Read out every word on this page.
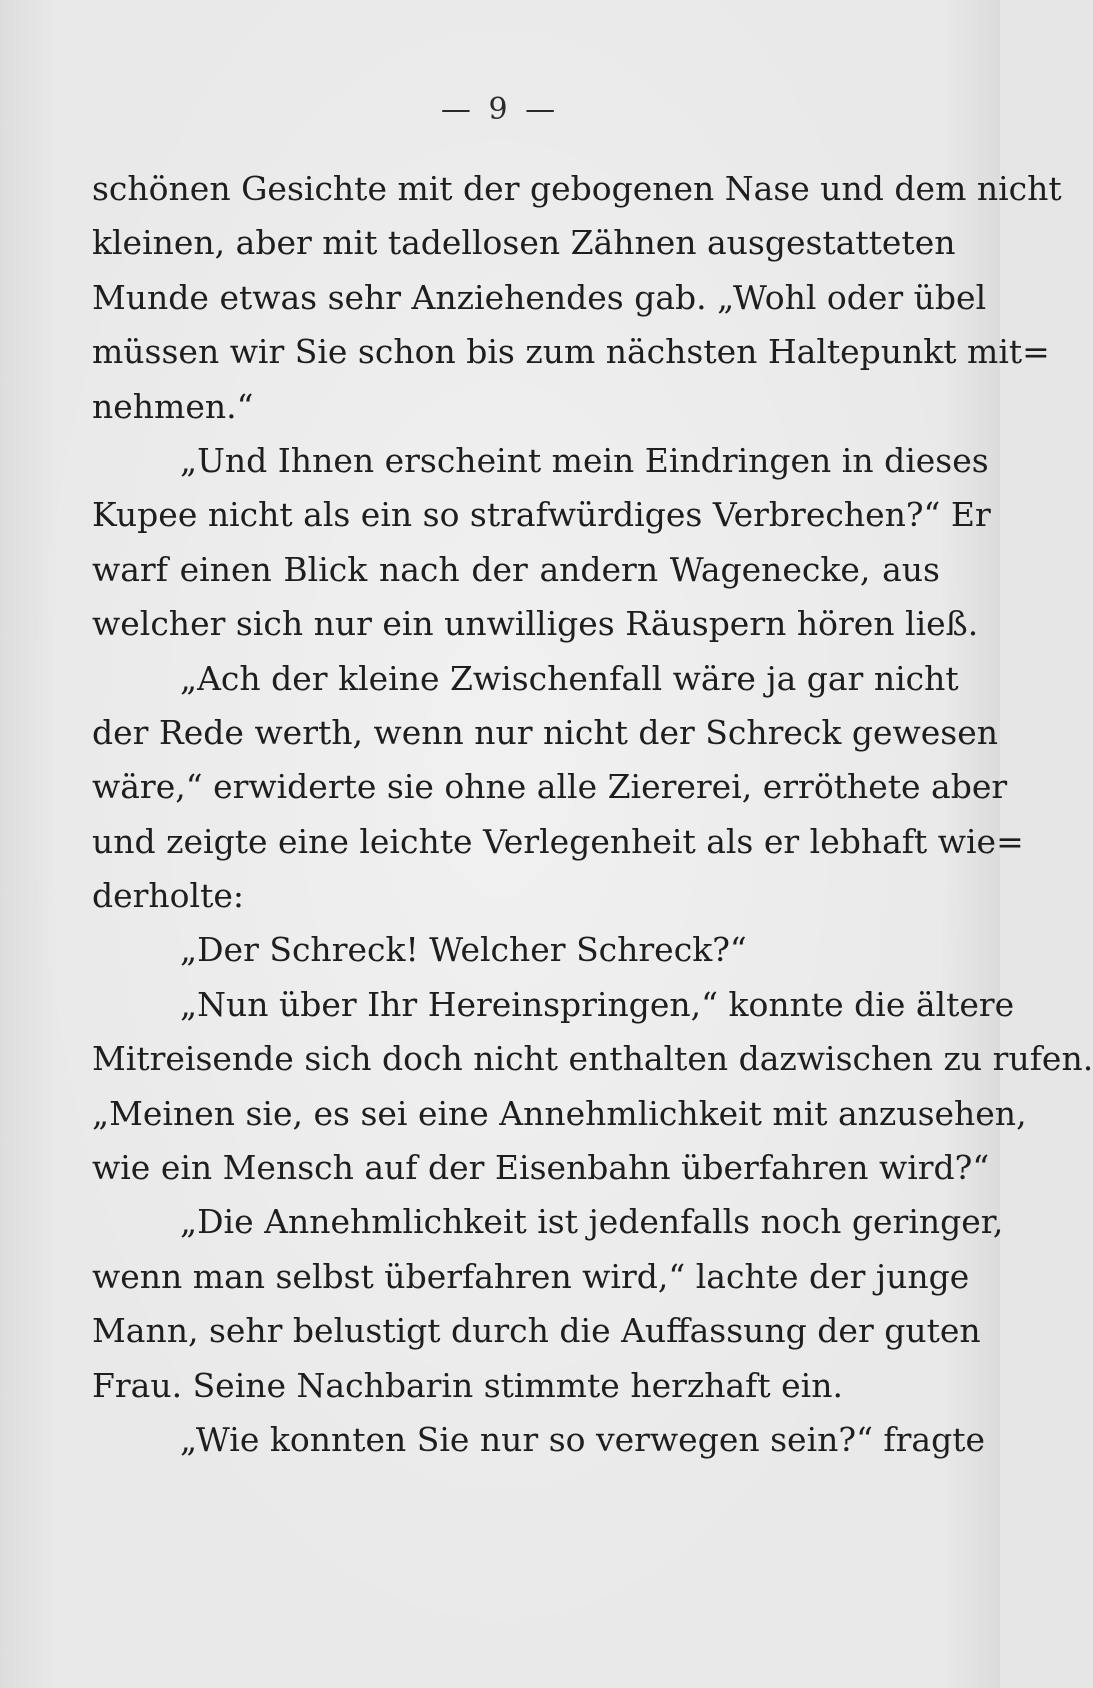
— 9 —
schönen Gesichte mit der gebogenen Nase und dem nicht
kleinen, aber mit tadellosen Zähnen ausgestatteten
Munde etwas sehr Anziehendes gab. „Wohl oder übel
müssen wir Sie schon bis zum nächsten Haltepunkt mit=
nehmen.“
„Und Ihnen erscheint mein Eindringen in dieses
Kupee nicht als ein so strafwürdiges Verbrechen?“ Er
warf einen Blick nach der andern Wagenecke, aus
welcher sich nur ein unwilliges Räuspern hören ließ.
„Ach der kleine Zwischenfall wäre ja gar nicht
der Rede werth, wenn nur nicht der Schreck gewesen
wäre,“ erwiderte sie ohne alle Ziererei, erröthete aber
und zeigte eine leichte Verlegenheit als er lebhaft wie=
derholte:
„Der Schreck! Welcher Schreck?“
„Nun über Ihr Hereinspringen,“ konnte die ältere
Mitreisende sich doch nicht enthalten dazwischen zu rufen.
„Meinen sie, es sei eine Annehmlichkeit mit anzusehen,
wie ein Mensch auf der Eisenbahn überfahren wird?“
„Die Annehmlichkeit ist jedenfalls noch geringer,
wenn man selbst überfahren wird,“ lachte der junge
Mann, sehr belustigt durch die Auffassung der guten
Frau. Seine Nachbarin stimmte herzhaft ein.
„Wie konnten Sie nur so verwegen sein?“ fragte
